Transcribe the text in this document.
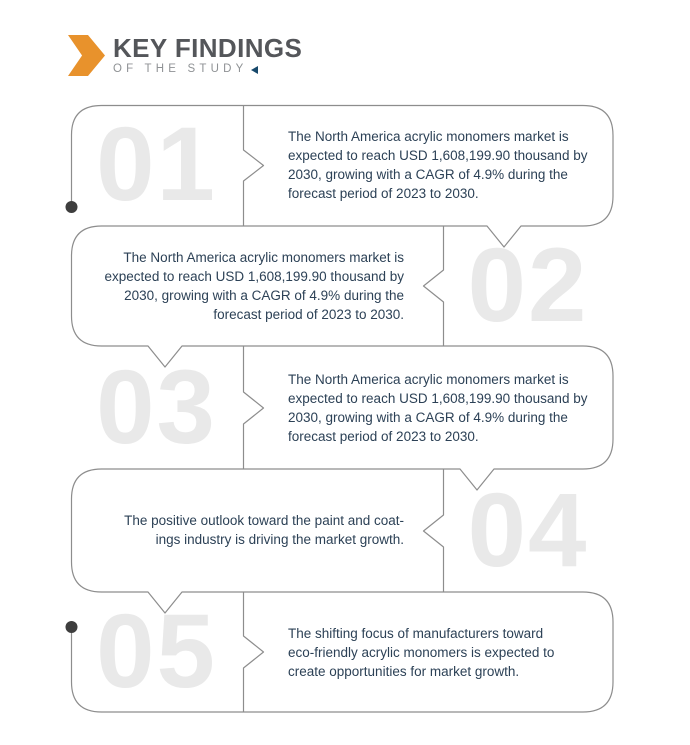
KEY FINDINGS
OF THE STUDY
01
02
03
04
05
The North America acrylic monomers market is
expected to reach USD 1,608,199.90 thousand by
2030, growing with a CAGR of 4.9% during the
forecast period of 2023 to 2030.
The North America acrylic monomers market is
expected to reach USD 1,608,199.90 thousand by
2030, growing with a CAGR of 4.9% during the
forecast period of 2023 to 2030.
The North America acrylic monomers market is
expected to reach USD 1,608,199.90 thousand by
2030, growing with a CAGR of 4.9% during the
forecast period of 2023 to 2030.
The positive outlook toward the paint and coat-
ings industry is driving the market growth.
The shifting focus of manufacturers toward
eco-friendly acrylic monomers is expected to
create opportunities for market growth.
